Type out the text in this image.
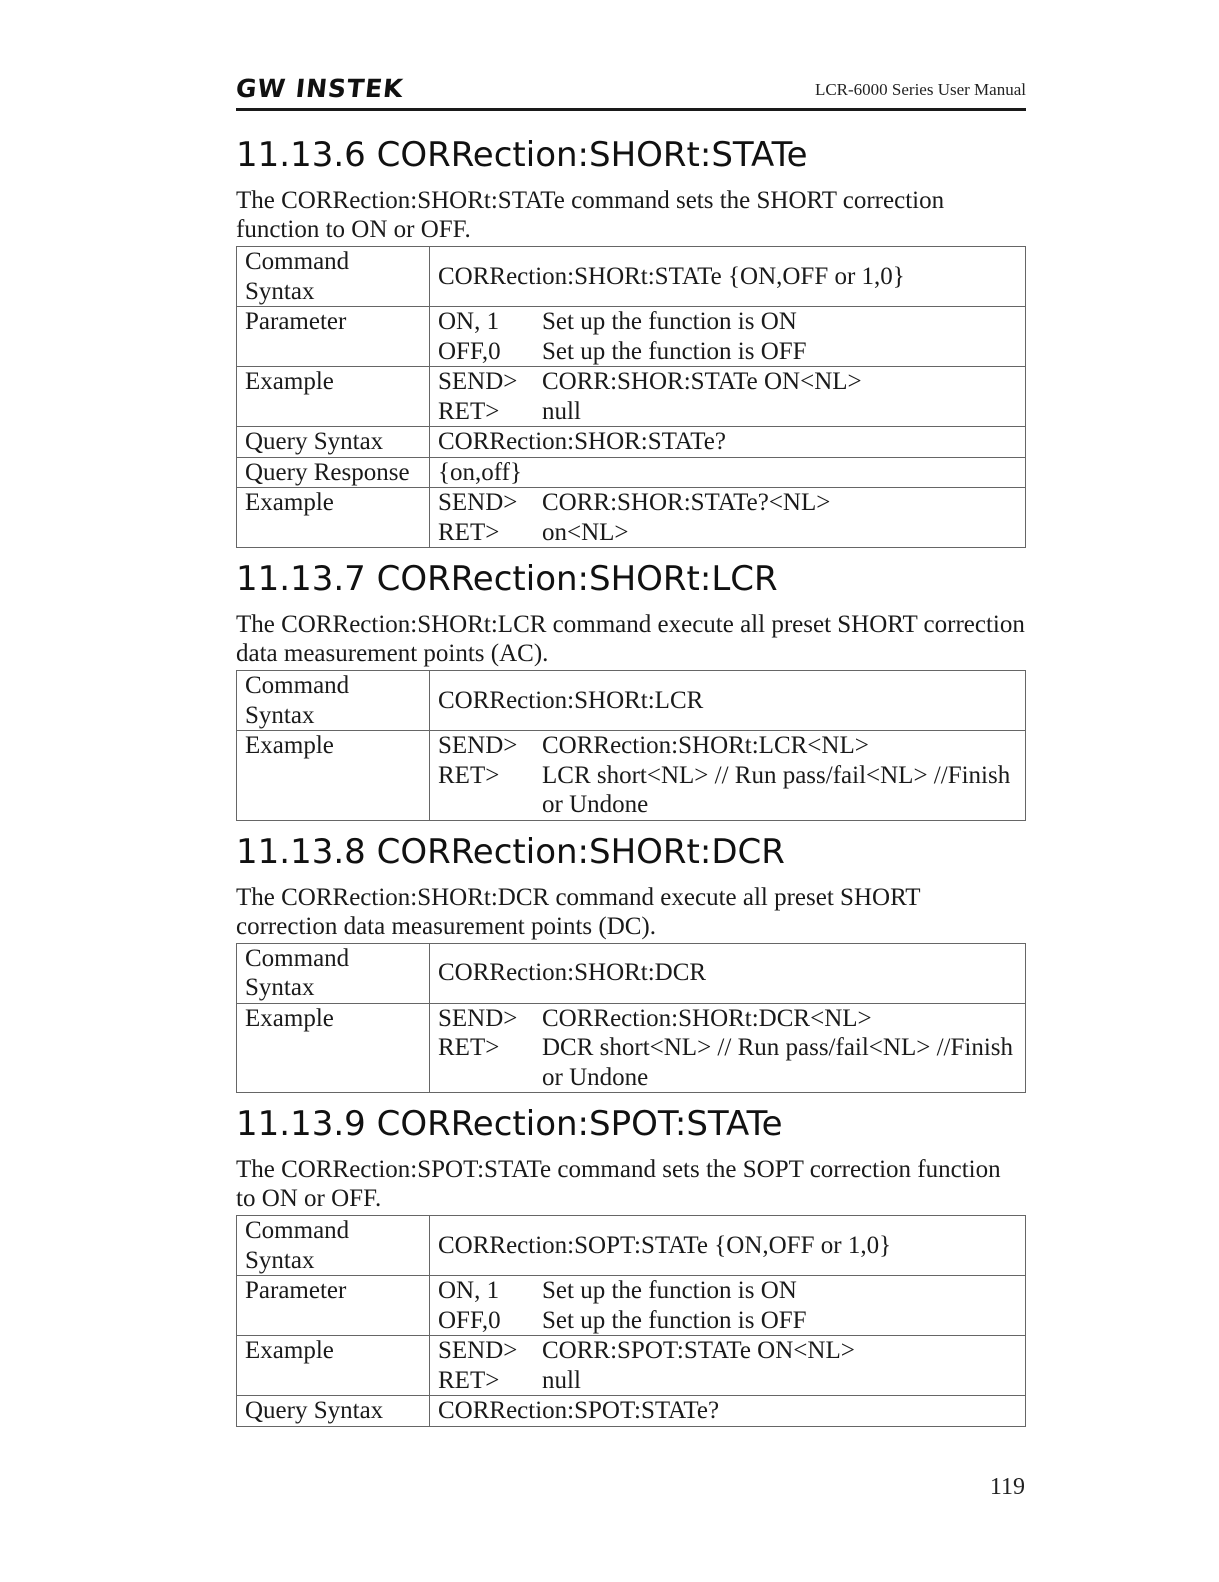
GW INSTEK	LCR-6000 Series User Manual
11.13.6 CORRection:SHORt:STATe

The CORRection:SHORt:STATe command sets the SHORT correction function to ON or OFF.

Command Syntax	CORRection:SHORt:STATe {ON,OFF or 1,0}
Parameter	ON, 1 Set up the function is ON
OFF,0 Set up the function is OFF

Example	SEND> CORR:SHOR:STATe ON<NL>
RET> null

Query Syntax	CORRection:SHOR:STATe?
Query Response	{on,off}
Example	SEND> CORR:SHOR:STATe?<NL>
RET> on<NL>
11.13.7 CORRection:SHORt:LCR

The CORRection:SHORt:LCR command execute all preset SHORT correction data measurement points (AC).

Command Syntax	CORRection:SHORt:LCR
Example	SEND> CORRection:SHORt:LCR<NL>
RET> LCR short<NL> // Run pass/fail<NL> //Finish or Undone
11.13.8 CORRection:SHORt:DCR

The CORRection:SHORt:DCR command execute all preset SHORT correction data measurement points (DC).

Command Syntax	CORRection:SHORt:DCR
Example	SEND> CORRection:SHORt:DCR<NL>
RET> DCR short<NL> // Run pass/fail<NL> //Finish or Undone
11.13.9 CORRection:SPOT:STATe

The CORRection:SPOT:STATe command sets the SOPT correction function to ON or OFF.

Command Syntax	CORRection:SOPT:STATe {ON,OFF or 1,0}
Parameter	ON, 1 Set up the function is ON
OFF,0 Set up the function is OFF

Example	SEND> CORR:SPOT:STATe ON<NL>
RET> null

Query Syntax	CORRection:SPOT:STATe?
119
